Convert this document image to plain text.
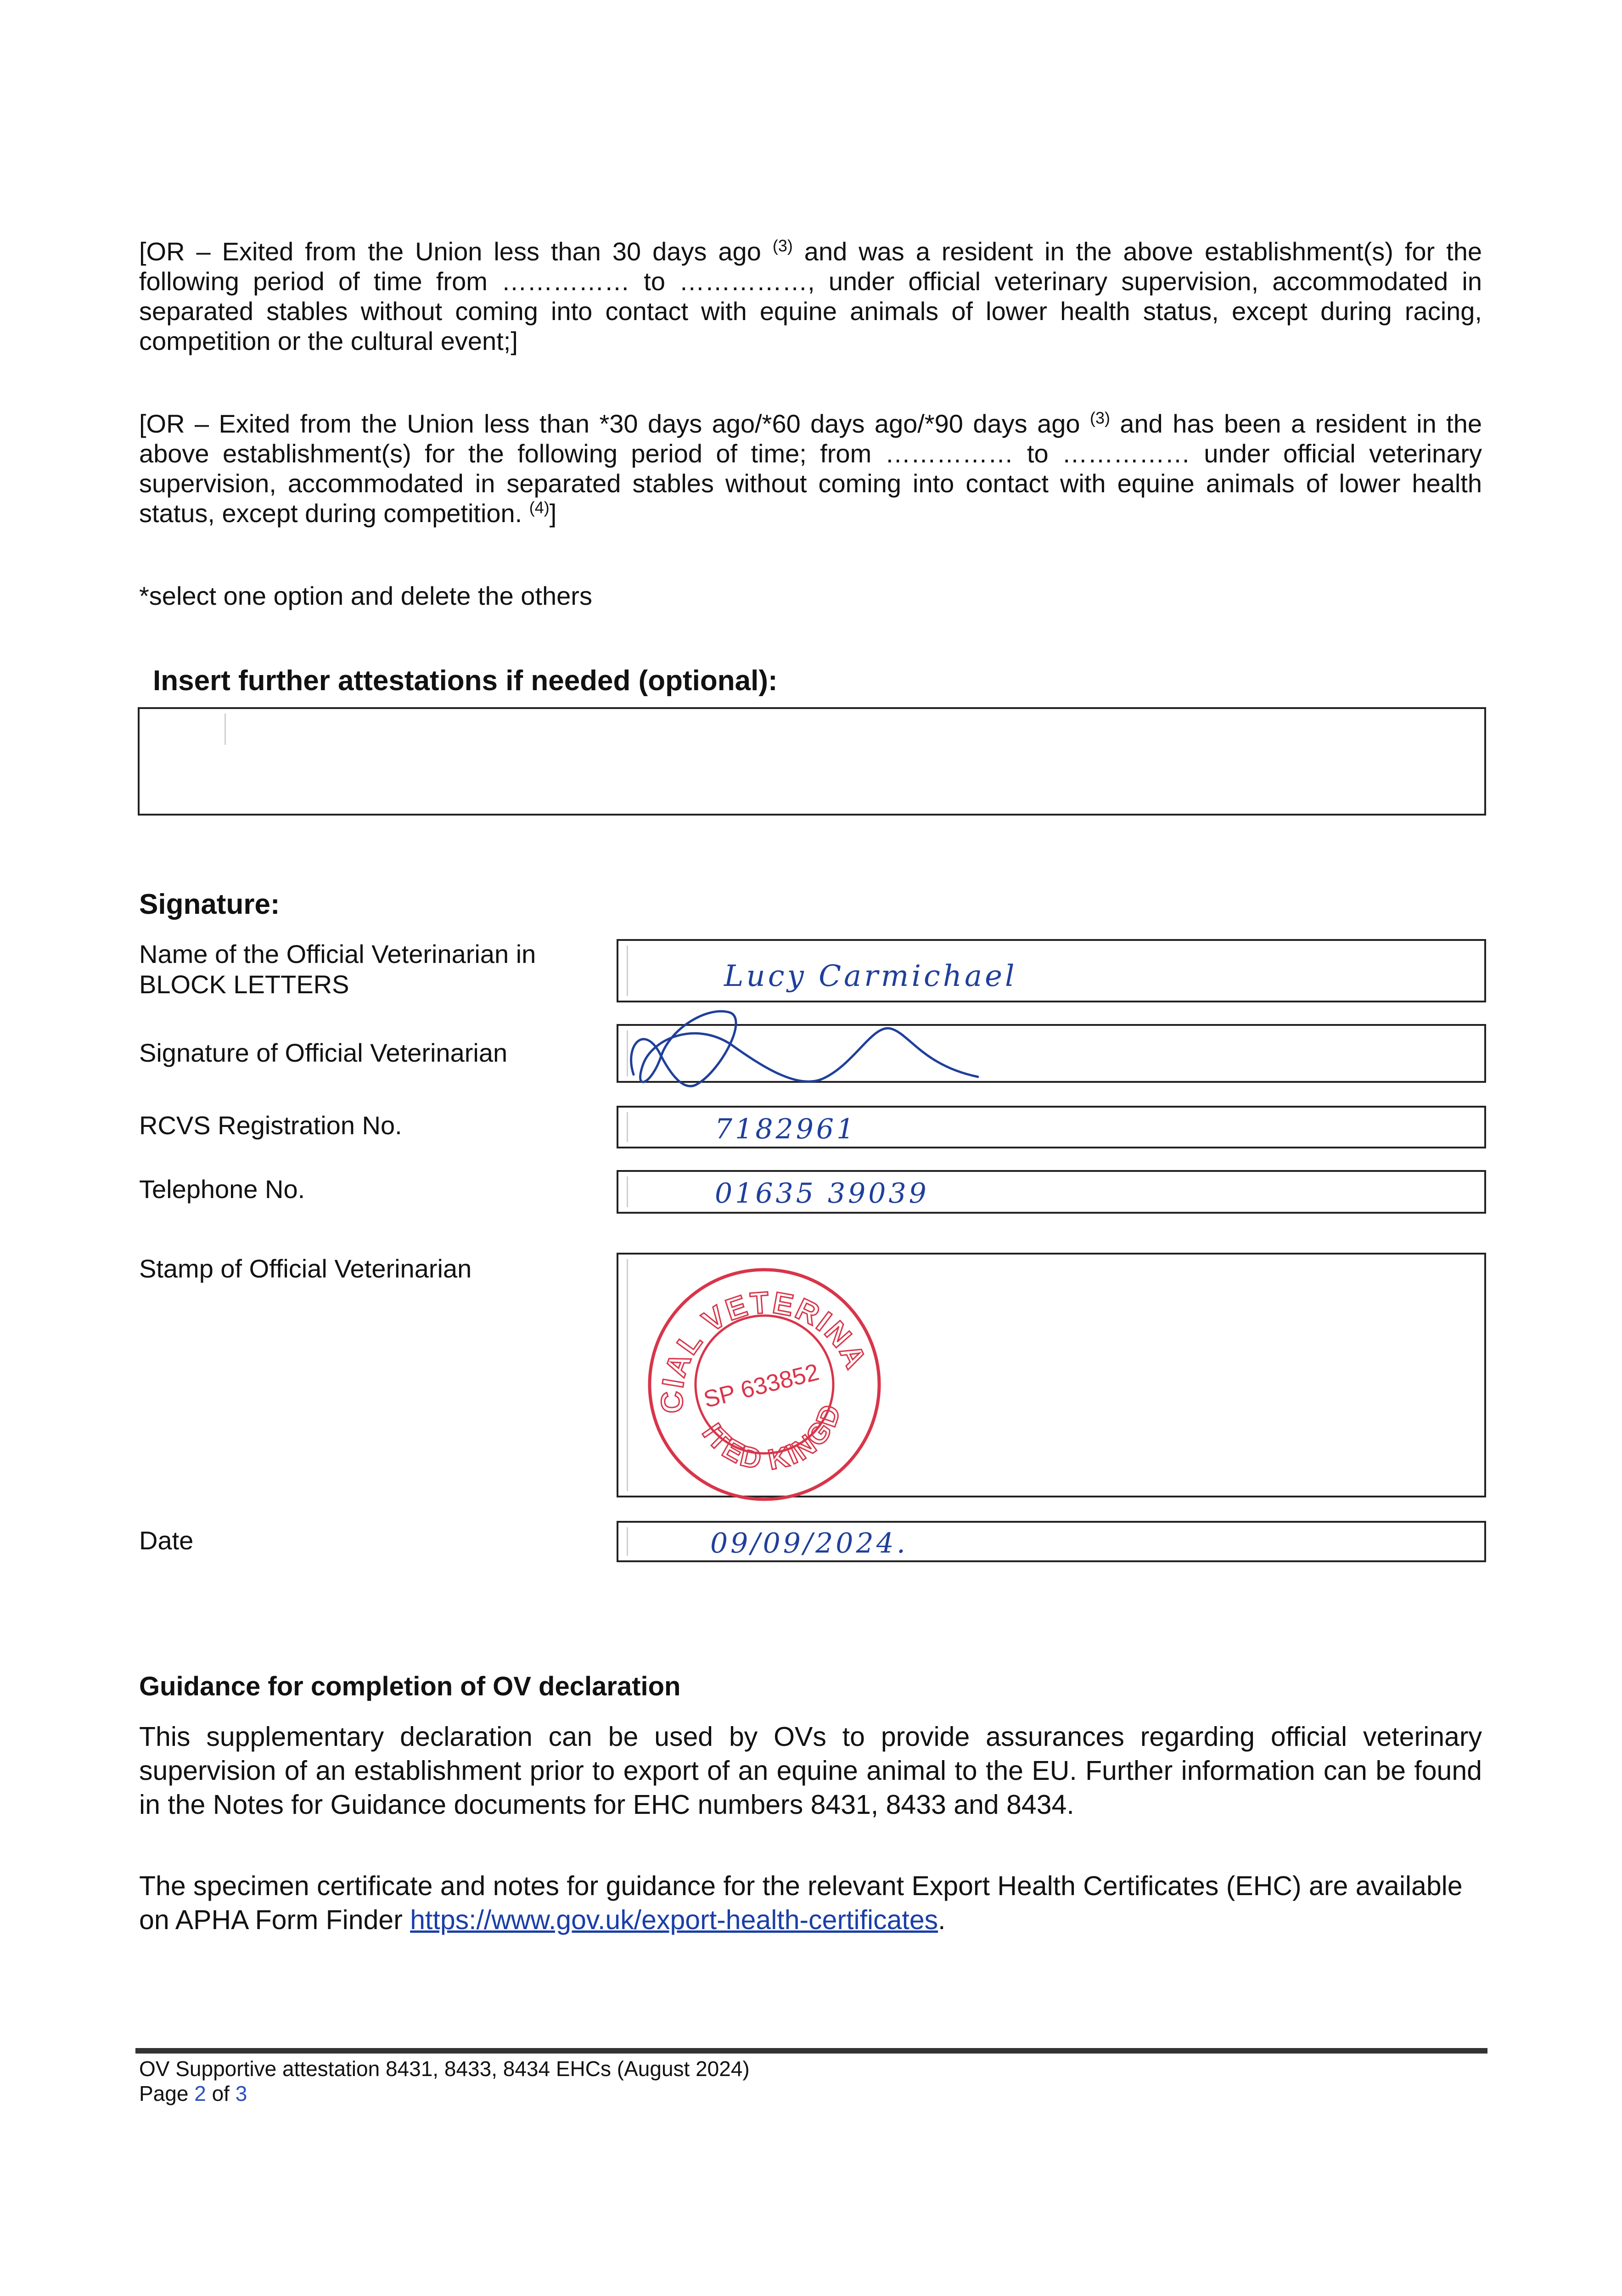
[OR – Exited from the Union less than 30 days ago $^{(3)}$ and was a resident in the above establishment(s) for the following period of time from …………… to ……………, under official veterinary supervision, accommodated in separated stables without coming into contact with equine animals of lower health status, except during racing, competition or the cultural event;]

[OR – Exited from the Union less than *30 days ago/*60 days ago/*90 days ago $^{(3)}$ and has been a resident in the above establishment(s) for the following period of time; from …………… to …………… under official veterinary supervision, accommodated in separated stables without coming into contact with equine animals of lower health status, except during competition. $^{(4)}$]

*select one option and delete the others

Insert further attestations if needed (optional):

Signature:

Name of the Official Veterinarian in BLOCK LETTERS	Lucy Carmichael

Signature of Official Veterinarian

RCVS Registration No.	7182961

Telephone No.	01635 39039

Stamp of Official Veterinarian	OFFICIAL VETERINARIAN
UNITED KINGDOM
SP 633852

Date	09/09/2024.

Guidance for completion of OV declaration

This supplementary declaration can be used by OVs to provide assurances regarding official veterinary supervision of an establishment prior to export of an equine animal to the EU. Further information can be found in the Notes for Guidance documents for EHC numbers 8431, 8433 and 8434.

The specimen certificate and notes for guidance for the relevant Export Health Certificates (EHC) are available on APHA Form Finder https://www.gov.uk/export-health-certificates.

OV Supportive attestation 8431, 8433, 8434 EHCs (August 2024)

Page 2 of 3
